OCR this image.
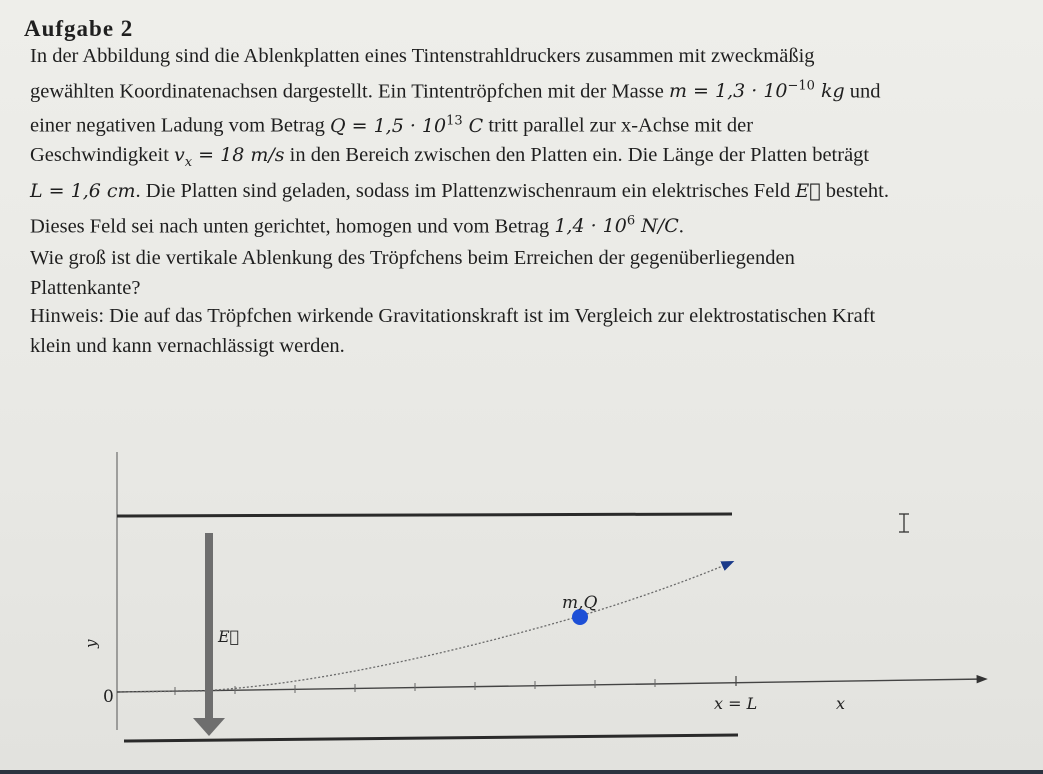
Aufgabe 2
In der Abbildung sind die Ablenkplatten eines Tintenstrahldruckers zusammen mit zweckmäßig
gewählten Koordinatenachsen dargestellt. Ein Tintentröpfchen mit der Masse $m = 1,3 \cdot 10^{-10}$ kg und
einer negativen Ladung vom Betrag $Q = 1,5 \cdot 10^{13}$ C tritt parallel zur x-Achse mit der
Geschwindigkeit $v_x = 18$ m/s in den Bereich zwischen den Platten ein. Die Länge der Platten beträgt
L = 1,6 cm. Die Platten sind geladen, sodass im Plattenzwischenraum ein elektrisches Feld E⃗ besteht.
Dieses Feld sei nach unten gerichtet, homogen und vom Betrag $1,4 \cdot 10^6$ N/C.
Wie groß ist die vertikale Ablenkung des Tröpfchens beim Erreichen der gegenüberliegenden
Plattenkante?
Hinweis: Die auf das Tröpfchen wirkende Gravitationskraft ist im Vergleich zur elektrostatischen Kraft
klein und kann vernachlässigt werden.
m,Q
E⃗
y
0	x = L	x
